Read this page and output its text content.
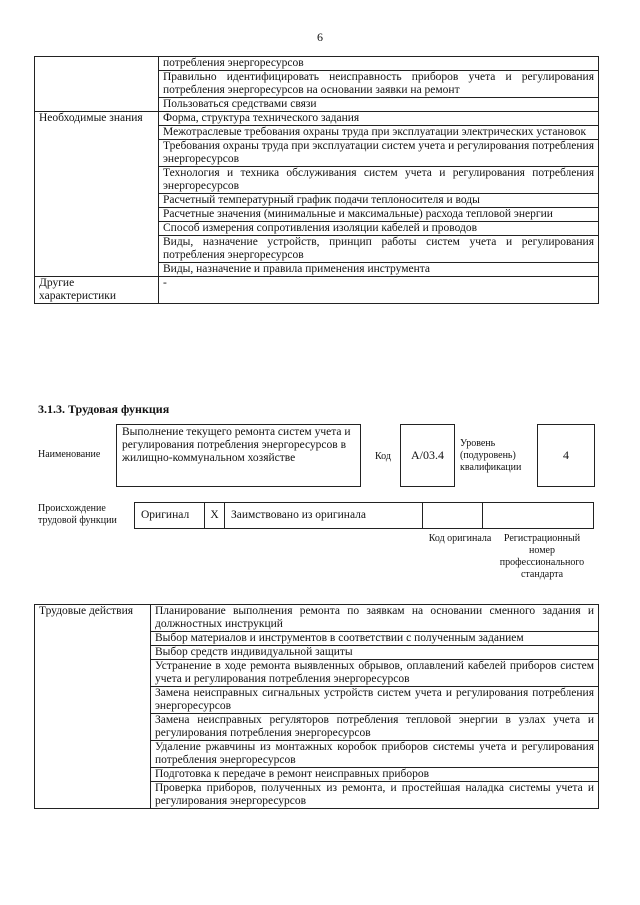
6
	потребления энергоресурсов
	Правильно идентифицировать неисправность приборов учета и регулирования потребления энергоресурсов на основании заявки на ремонт
	Пользоваться средствами связи
Необходимые знания	Форма, структура технического задания
	Межотраслевые требования охраны труда при эксплуатации электрических установок
	Требования охраны труда при эксплуатации систем учета и регулирования потребления энергоресурсов
	Технология и техника обслуживания систем учета и регулирования потребления энергоресурсов
	Расчетный температурный график подачи теплоносителя и воды
	Расчетные значения (минимальные и максимальные) расхода тепловой энергии
	Способ измерения сопротивления изоляции кабелей и проводов
	Виды, назначение устройств, принцип работы систем учета и регулирования потребления энергоресурсов
	Виды, назначение и правила применения инструмента
Другие характеристики	-
3.1.3. Трудовая функция
Наименование
Выполнение текущего ремонта систем учета и регулирования потребления энергоресурсов в жилищно-коммунальном хозяйстве	Код	А/03.4
Уровень (подуровень) квалификации
4
Происхождение трудовой функции	Оригинал	X	Заимствовано из оригинала
Код оригинала	Регистрационный номер профессионального стандарта
Трудовые действия	Планирование выполнения ремонта по заявкам на основании сменного задания и должностных инструкций
Выбор материалов и инструментов в соответствии с полученным заданием
Выбор средств индивидуальной защиты
Устранение в ходе ремонта выявленных обрывов, оплавлений кабелей приборов систем учета и регулирования потребления энергоресурсов
Замена неисправных сигнальных устройств систем учета и регулирования потребления энергоресурсов
Замена неисправных регуляторов потребления тепловой энергии в узлах учета и регулирования потребления энергоресурсов
Удаление ржавчины из монтажных коробок приборов системы учета и регулирования потребления энергоресурсов
Подготовка к передаче в ремонт неисправных приборов
Проверка приборов, полученных из ремонта, и простейшая наладка системы учета и регулирования энергоресурсов
